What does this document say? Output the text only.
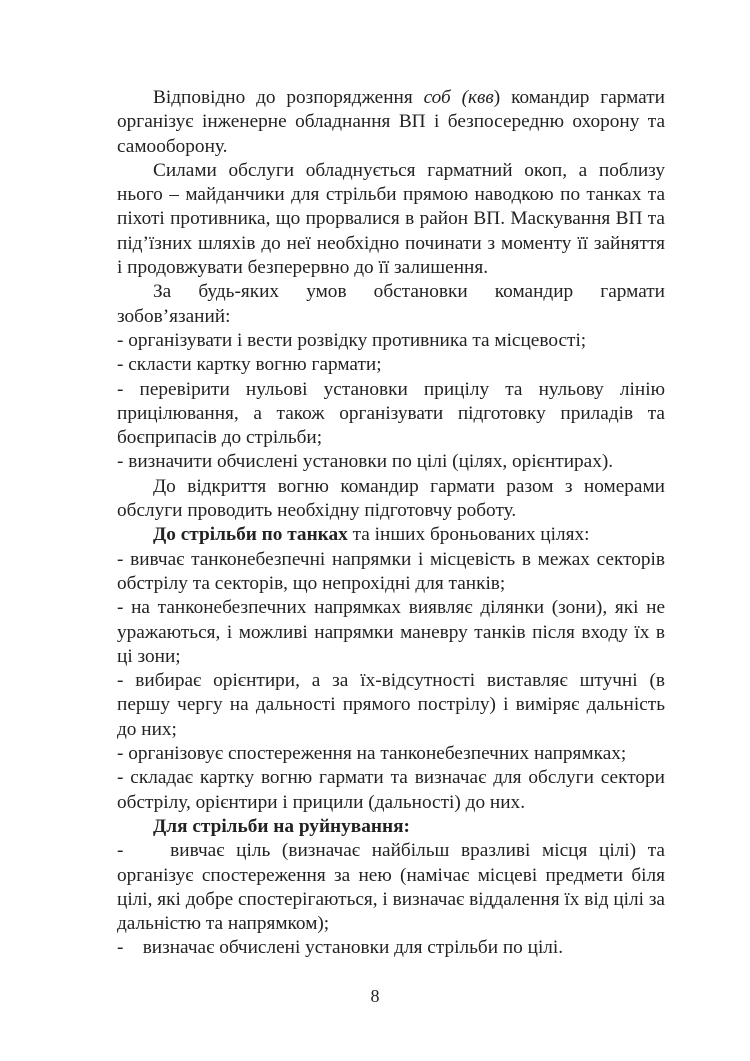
Відповідно до розпорядження соб (квв) командир гармати організує інженерне обладнання ВП і безпосередню охорону та самооборону.

Силами обслуги обладнується гарматний окоп, а поблизу нього – майданчики для стрільби прямою наводкою по танках та піхоті противника, що прорвалися в район ВП. Маскування ВП та під’їзних шляхів до неї необхідно починати з моменту її зайняття і продовжувати безперервно до її залишення.

За будь-яких умов обстановки командир гармати зобов’язаний:

- організувати і вести розвідку противника та місцевості;

- скласти картку вогню гармати;

- перевірити нульові установки прицілу та нульову лінію прицілювання, а також організувати підготовку приладів та боєприпасів до стрільби;

- визначити обчислені установки по цілі (цілях, орієнтирах).

До відкриття вогню командир гармати разом з номерами обслуги проводить необхідну підготовчу роботу.

До стрільби по танках та інших броньованих цілях:

- вивчає танконебезпечні напрямки і місцевість в межах секторів обстрілу та секторів, що непрохідні для танків;

- на танконебезпечних напрямках виявляє ділянки (зони), які не уражаються, і можливі напрямки маневру танків після входу їх в ці зони;

- вибирає орієнтири, а за їх-відсутності виставляє штучні (в першу чергу на дальності прямого пострілу) і виміряє дальність до них;

- організовує спостереження на танконебезпечних напрямках;

- складає картку вогню гармати та визначає для обслуги сектори обстрілу, орієнтири і прицили (дальності) до них.

Для стрільби на руйнування:

-    вивчає ціль (визначає найбільш вразливі місця цілі) та організує спостереження за нею (намічає місцеві предмети біля цілі, які добре спостерігаються, і визначає віддалення їх від цілі за дальністю та напрямком);

-    визначає обчислені установки для стрільби по цілі.

8
